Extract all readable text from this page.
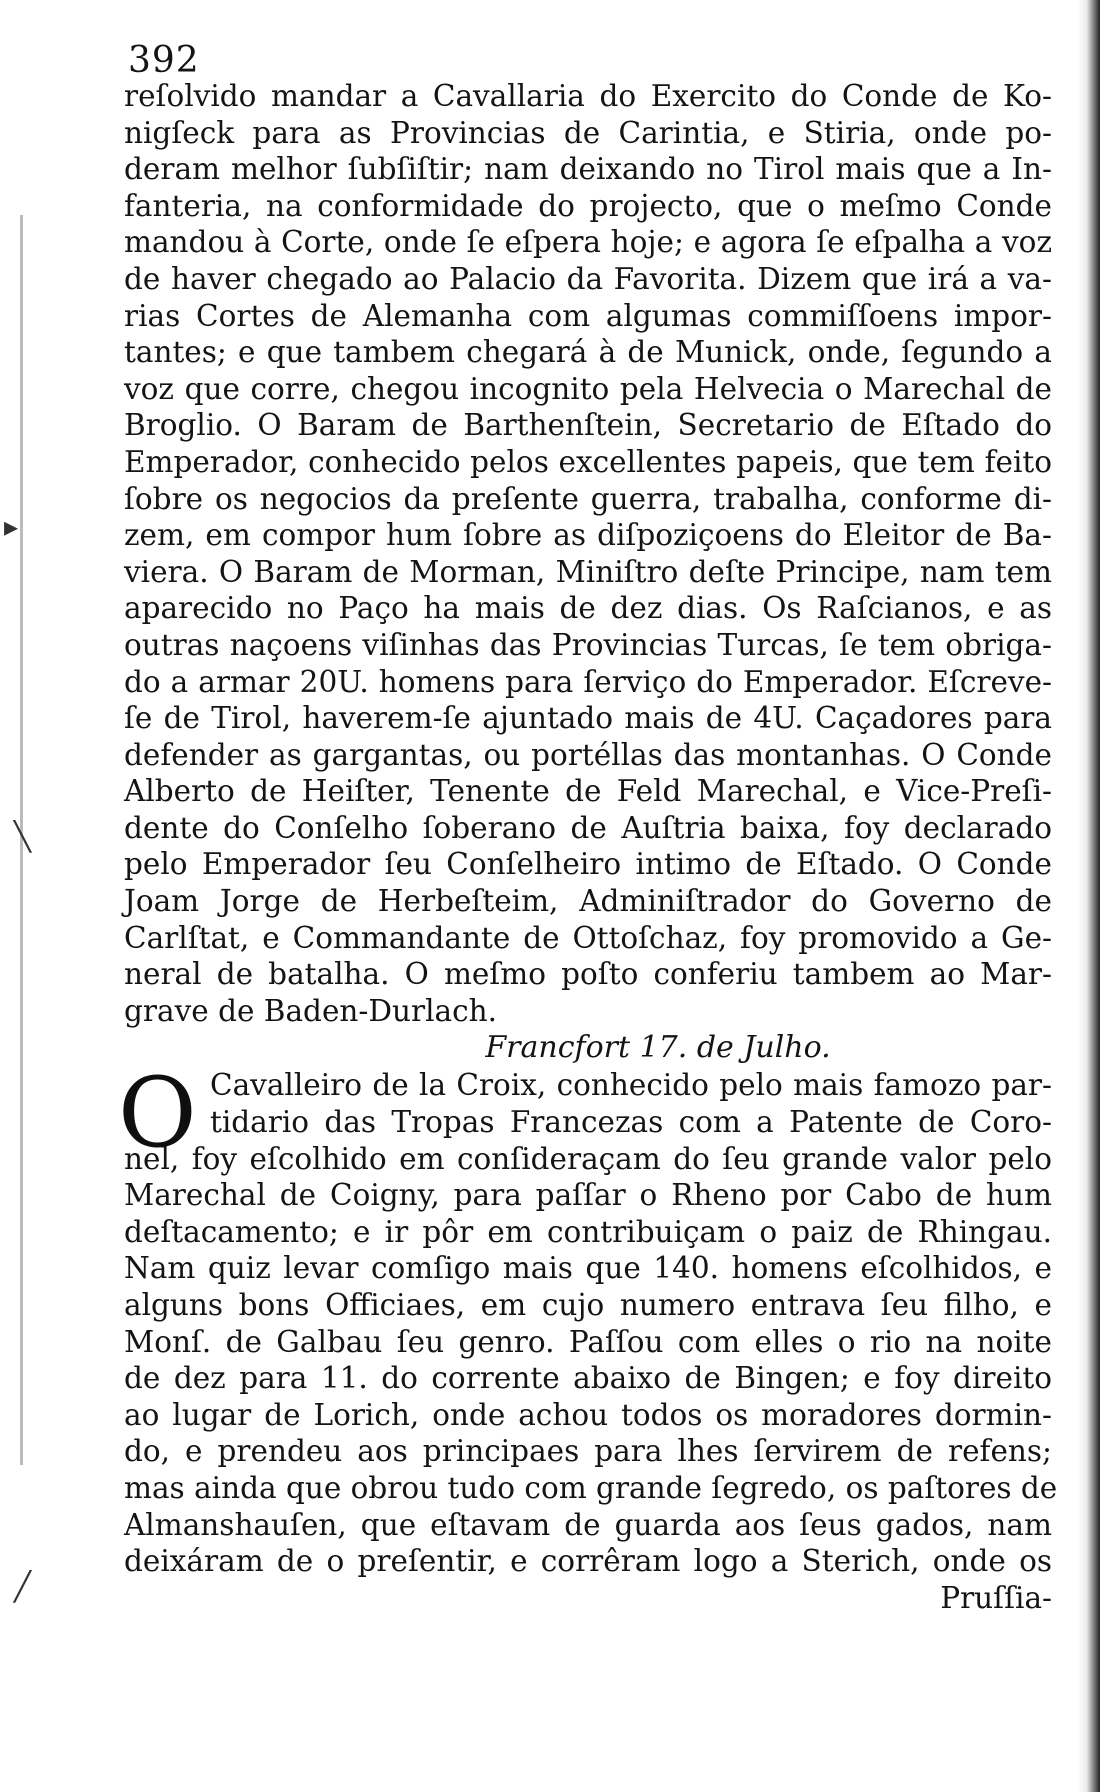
▸
╲
╱
392
reſolvido mandar a Cavallaria do Exercito do Conde de Ko-
nigſeck para as Provincias de Carintia, e Stiria, onde po-
deram melhor ſubſiſtir; nam deixando no Tirol mais que a In-
fanteria, na conformidade do projecto, que o meſmo Conde
mandou à Corte, onde ſe eſpera hoje; e agora ſe eſpalha a voz
de haver chegado ao Palacio da Favorita. Dizem que irá a va-
rias Cortes de Alemanha com algumas commiſſoens impor-
tantes; e que tambem chegará à de Munick, onde, ſegundo a
voz que corre, chegou incognito pela Helvecia o Marechal de
Broglio. O Baram de Barthenſtein, Secretario de Eſtado do
Emperador, conhecido pelos excellentes papeis, que tem feito
ſobre os negocios da preſente guerra, trabalha, conforme di-
zem, em compor hum ſobre as diſpoziçoens do Eleitor de Ba-
viera. O Baram de Morman, Miniſtro deſte Principe, nam tem
aparecido no Paço ha mais de dez dias. Os Raſcianos, e as
outras naçoens viſinhas das Provincias Turcas, ſe tem obriga-
do a armar 20U. homens para ſerviço do Emperador. Eſcreve-
ſe de Tirol, haverem-ſe ajuntado mais de 4U. Caçadores para
defender as gargantas, ou portéllas das montanhas. O Conde
Alberto de Heiſter, Tenente de Feld Marechal, e Vice-Preſi-
dente do Conſelho ſoberano de Auſtria baixa, foy declarado
pelo Emperador ſeu Conſelheiro intimo de Eſtado. O Conde
Joam Jorge de Herbeſteim, Adminiſtrador do Governo de
Carlſtat, e Commandante de Ottoſchaz, foy promovido a Ge-
neral de batalha. O meſmo poſto conferiu tambem ao Mar-
grave de Baden-Durlach.
Francfort 17. de Julho.
O Cavalleiro de la Croix, conhecido pelo mais famozo par-
tidario das Tropas Francezas com a Patente de Coro-
nel, foy eſcolhido em conſideraçam do ſeu grande valor pelo
Marechal de Coigny, para paſſar o Rheno por Cabo de hum
deſtacamento; e ir pôr em contribuiçam o paiz de Rhingau.
Nam quiz levar comſigo mais que 140. homens eſcolhidos, e
alguns bons Officiaes, em cujo numero entrava ſeu filho, e
Monſ. de Galbau ſeu genro. Paſſou com elles o rio na noite
de dez para 11. do corrente abaixo de Bingen; e foy direito
ao lugar de Lorich, onde achou todos os moradores dormin-
do, e prendeu aos principaes para lhes ſervirem de refens;
mas ainda que obrou tudo com grande ſegredo, os paſtores de
Almanshauſen, que eſtavam de guarda aos ſeus gados, nam
deixáram de o preſentir, e corrêram logo a Sterich, onde os
Pruſſia-
